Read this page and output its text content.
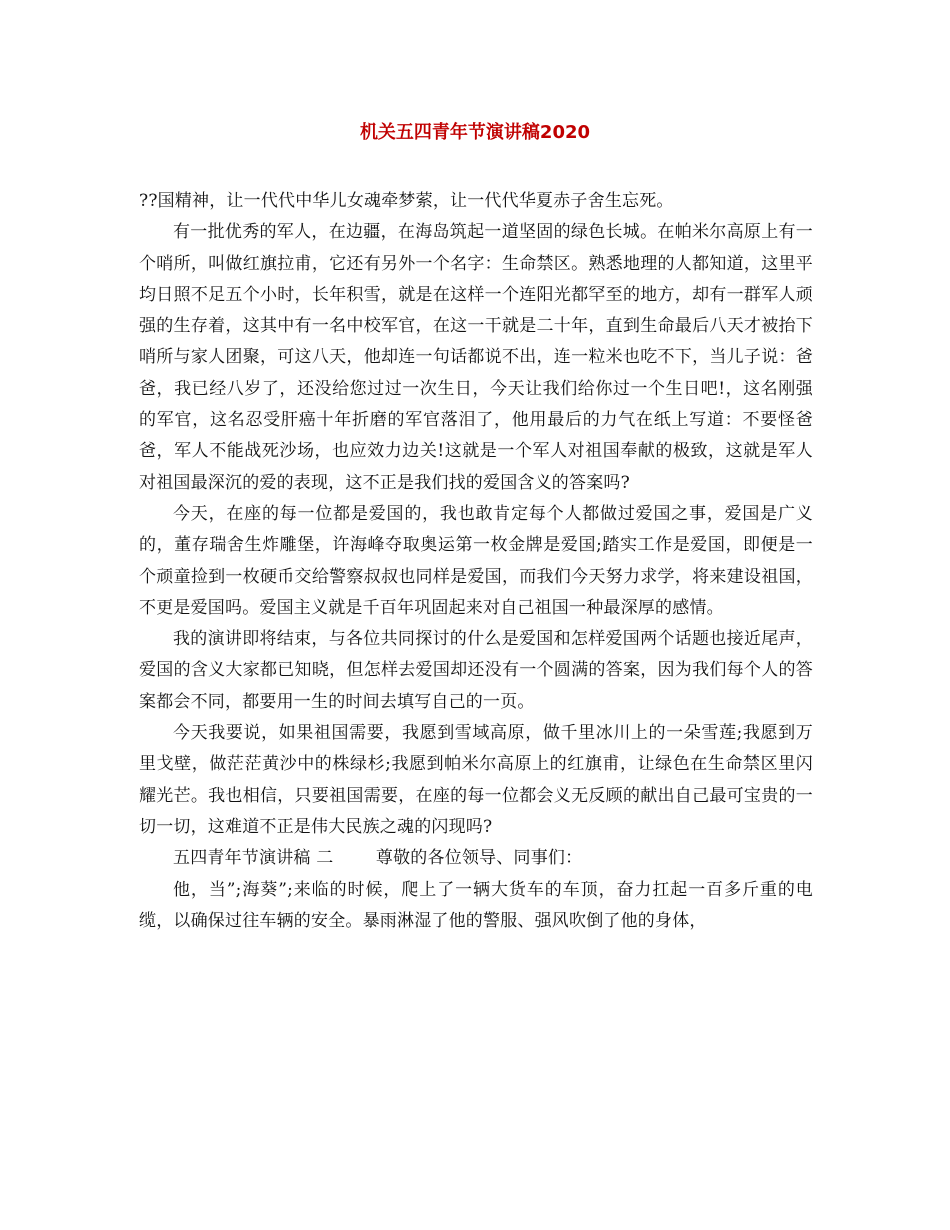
机关五四青年节演讲稿2020

??国精神，让一代代中华儿女魂牵梦萦，让一代代华夏赤子舍生忘死。

有一批优秀的军人，在边疆，在海岛筑起一道坚固的绿色长城。在帕米尔高原上有一个哨所，叫做红旗拉甫，它还有另外一个名字：生命禁区。熟悉地理的人都知道，这里平均日照不足五个小时，长年积雪，就是在这样一个连阳光都罕至的地方，却有一群军人顽强的生存着，这其中有一名中校军官，在这一干就是二十年，直到生命最后八天才被抬下哨所与家人团聚，可这八天，他却连一句话都说不出，连一粒米也吃不下，当儿子说：爸爸，我已经八岁了，还没给您过过一次生日，今天让我们给你过一个生日吧!，这名刚强的军官，这名忍受肝癌十年折磨的军官落泪了，他用最后的力气在纸上写道：不要怪爸爸，军人不能战死沙场，也应效力边关!这就是一个军人对祖国奉献的极致，这就是军人对祖国最深沉的爱的表现，这不正是我们找的爱国含义的答案吗?

今天，在座的每一位都是爱国的，我也敢肯定每个人都做过爱国之事，爱国是广义的，董存瑞舍生炸雕堡，许海峰夺取奥运第一枚金牌是爱国;踏实工作是爱国，即便是一个顽童捡到一枚硬币交给警察叔叔也同样是爱国，而我们今天努力求学，将来建设祖国，不更是爱国吗。爱国主义就是千百年巩固起来对自己祖国一种最深厚的感情。

我的演讲即将结束，与各位共同探讨的什么是爱国和怎样爱国两个话题也接近尾声，爱国的含义大家都已知晓，但怎样去爱国却还没有一个圆满的答案，因为我们每个人的答案都会不同，都要用一生的时间去填写自己的一页。

今天我要说，如果祖国需要，我愿到雪域高原，做千里冰川上的一朵雪莲;我愿到万里戈壁，做茫茫黄沙中的株绿杉;我愿到帕米尔高原上的红旗甫，让绿色在生命禁区里闪耀光芒。我也相信，只要祖国需要，在座的每一位都会义无反顾的献出自己最可宝贵的一切一切，这难道不正是伟大民族之魂的闪现吗?

五四青年节演讲稿 二	尊敬的各位领导、同事们：

他，当”;海葵”;来临的时候，爬上了一辆大货车的车顶，奋力扛起一百多斤重的电缆，以确保过往车辆的安全。暴雨淋湿了他的警服、强风吹倒了他的身体，
